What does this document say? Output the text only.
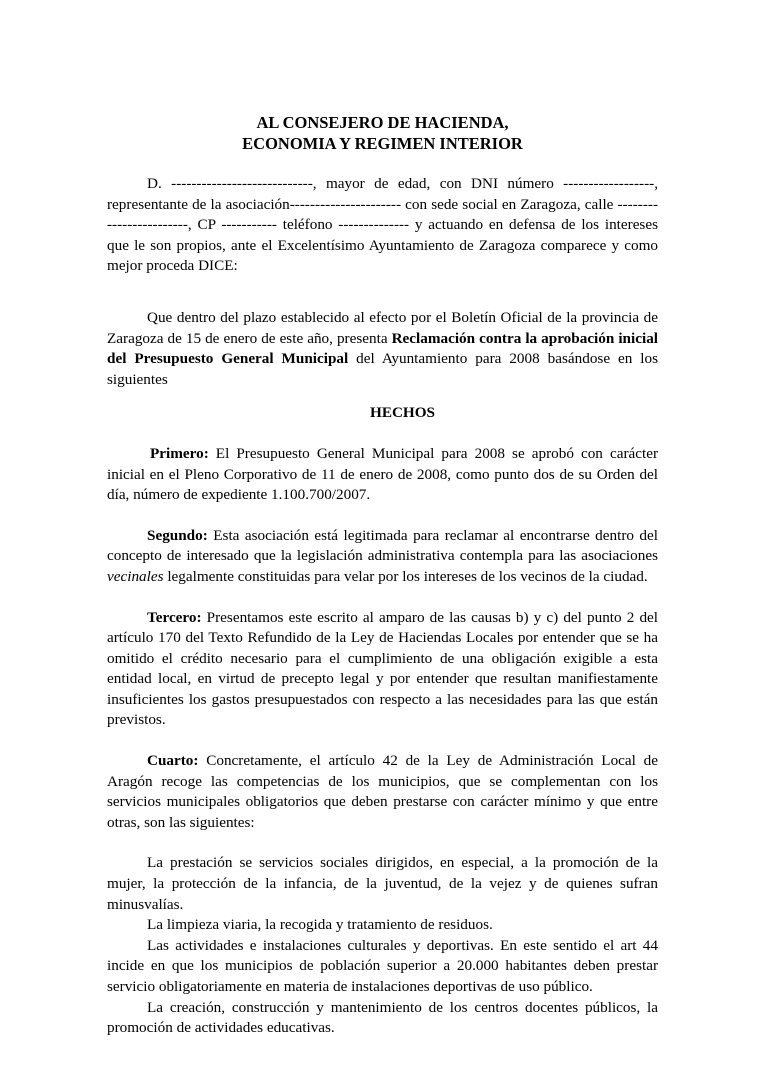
AL CONSEJERO DE HACIENDA,

ECONOMIA Y REGIMEN INTERIOR

D. ----------------------------, mayor de edad, con DNI número ------------------, representante de la asociación---------------------- con sede social en Zaragoza, calle ------------------------, CP ----------- teléfono -------------- y actuando en defensa de los intereses que le son propios, ante el Excelentísimo Ayuntamiento de Zaragoza comparece y como mejor proceda DICE:

Que dentro del plazo establecido al efecto por el Boletín Oficial de la provincia de Zaragoza de 15 de enero de este año, presenta Reclamación contra la aprobación inicial del Presupuesto General Municipal del Ayuntamiento para 2008 basándose en los siguientes

HECHOS

Primero: El Presupuesto General Municipal para 2008 se aprobó con carácter inicial en el Pleno Corporativo de 11 de enero de 2008, como punto dos de su Orden del día, número de expediente 1.100.700/2007.

Segundo: Esta asociación está legitimada para reclamar al encontrarse dentro del concepto de interesado que la legislación administrativa contempla para las asociaciones vecinales legalmente constituidas para velar por los intereses de los vecinos de la ciudad.

Tercero: Presentamos este escrito al amparo de las causas b) y c) del punto 2 del artículo 170 del Texto Refundido de la Ley de Haciendas Locales por entender que se ha omitido el crédito necesario para el cumplimiento de una obligación exigible a esta entidad local, en virtud de precepto legal y por entender que resultan manifiestamente insuficientes los gastos presupuestados con respecto a las necesidades para las que están previstos.

Cuarto: Concretamente, el artículo 42 de la Ley de Administración Local de Aragón recoge las competencias de los municipios, que se complementan con los servicios municipales obligatorios que deben prestarse con carácter mínimo y que entre otras, son las siguientes:

La prestación se servicios sociales dirigidos, en especial, a la promoción de la mujer, la protección de la infancia, de la juventud, de la vejez y de quienes sufran minusvalías.

La limpieza viaria, la recogida y tratamiento de residuos.

Las actividades e instalaciones culturales y deportivas. En este sentido el art 44 incide en que los municipios de población superior a 20.000 habitantes deben prestar servicio obligatoriamente en materia de instalaciones deportivas de uso público.

La creación, construcción y mantenimiento de los centros docentes públicos, la promoción de actividades educativas.
